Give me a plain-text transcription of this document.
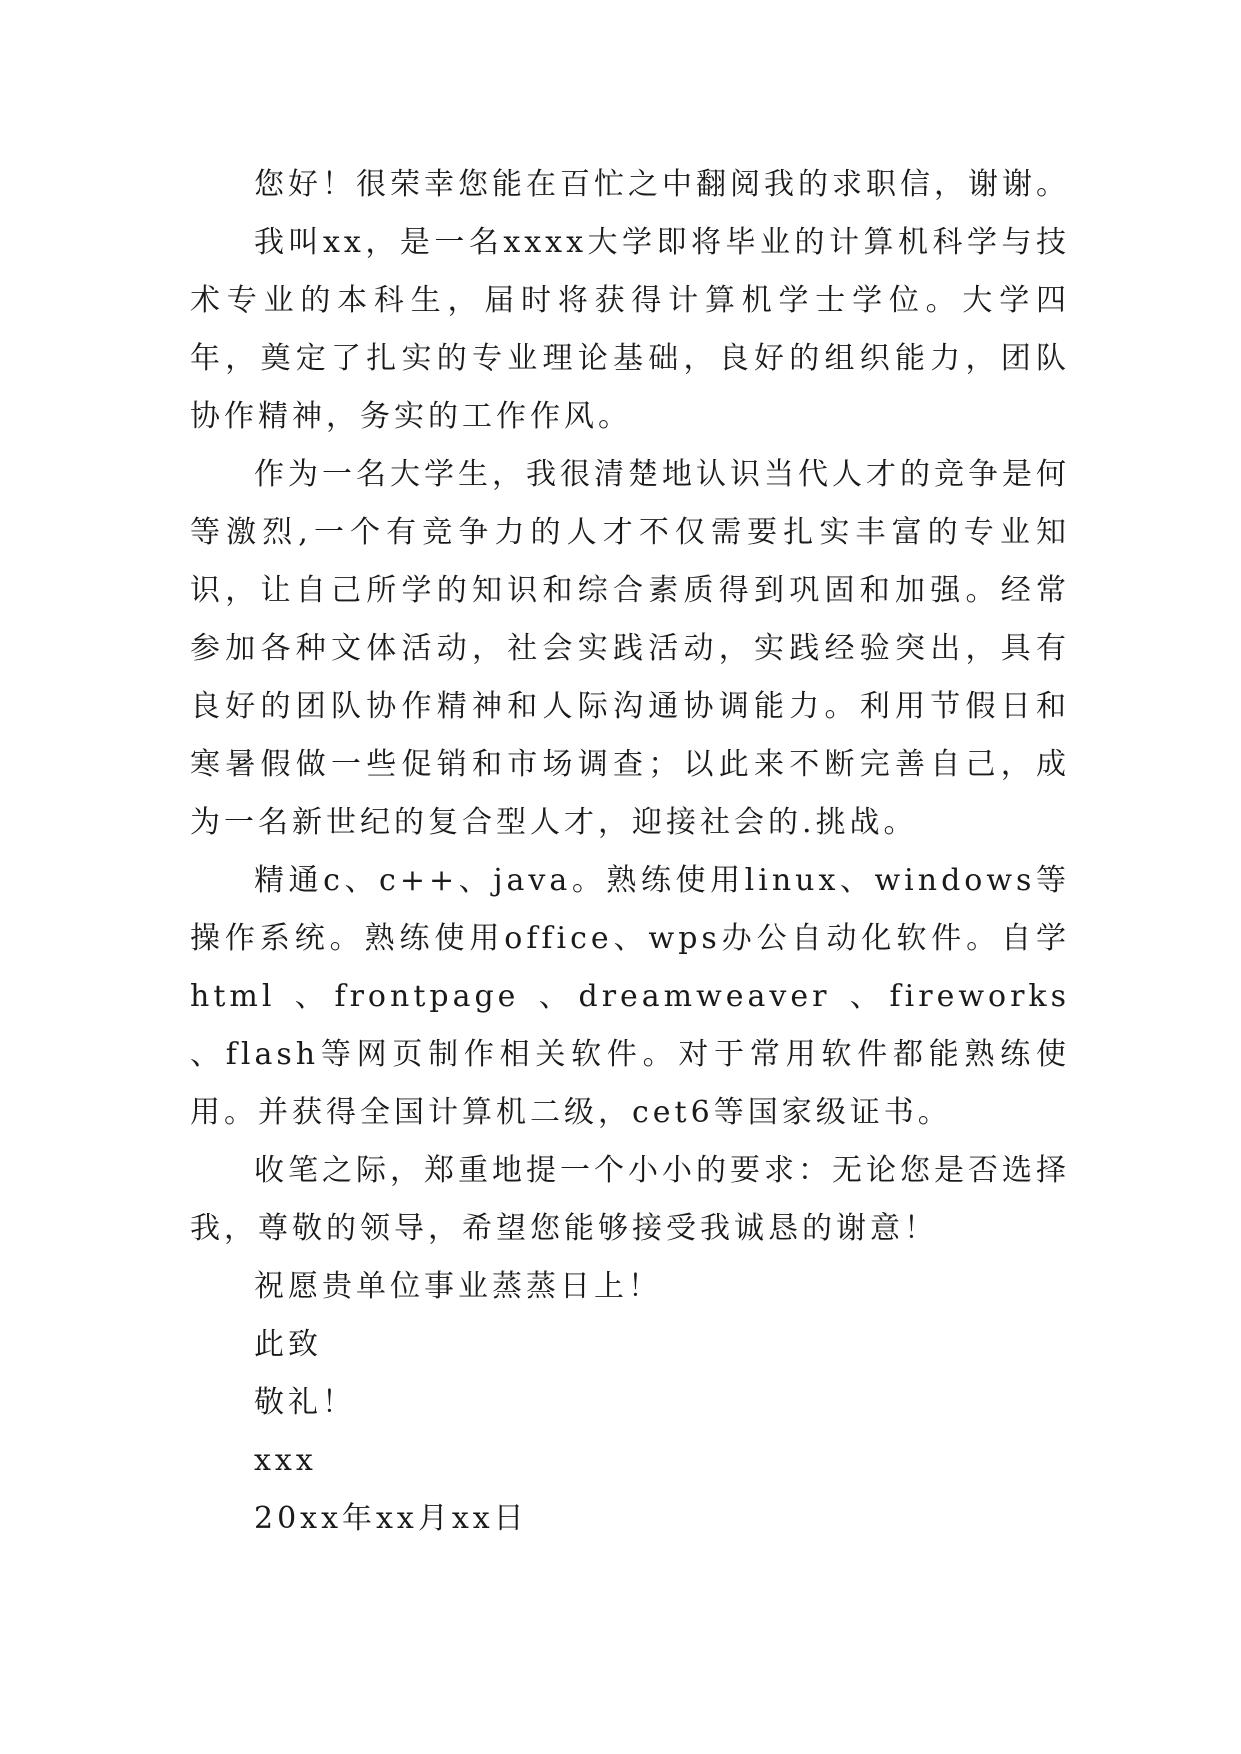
您好！很荣幸您能在百忙之中翻阅我的求职信，谢谢。

我叫xx，是一名xxxx大学即将毕业的计算机科学与技术专业的本科生，届时将获得计算机学士学位。大学四年，奠定了扎实的专业理论基础，良好的组织能力，团队协作精神，务实的工作作风。

作为一名大学生，我很清楚地认识当代人才的竞争是何等激烈,一个有竞争力的人才不仅需要扎实丰富的专业知识，让自己所学的知识和综合素质得到巩固和加强。经常参加各种文体活动，社会实践活动，实践经验突出，具有良好的团队协作精神和人际沟通协调能力。利用节假日和寒暑假做一些促销和市场调查；以此来不断完善自己，成为一名新世纪的复合型人才，迎接社会的.挑战。

精通c、c++、java。熟练使用linux、windows等操作系统。熟练使用office、wps办公自动化软件。自学html 、frontpage 、dreamweaver 、fireworks 、flash等网页制作相关软件。对于常用软件都能熟练使用。并获得全国计算机二级，cet6等国家级证书。

收笔之际，郑重地提一个小小的要求：无论您是否选择我，尊敬的领导，希望您能够接受我诚恳的谢意！

祝愿贵单位事业蒸蒸日上！

此致

敬礼！

xxx

20xx年xx月xx日
